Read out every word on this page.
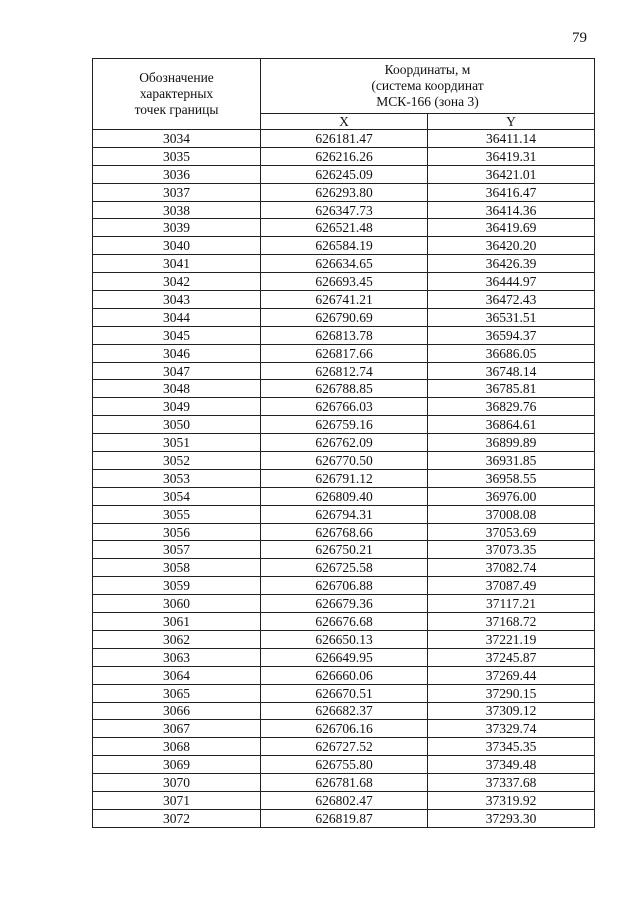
79
Обозначение
характерных
точек границы	Координаты, м
(система координат
МСК-166 (зона 3)	

	X	Y
3034	626181.47	36411.14
3035	626216.26	36419.31
3036	626245.09	36421.01
3037	626293.80	36416.47
3038	626347.73	36414.36
3039	626521.48	36419.69
3040	626584.19	36420.20
3041	626634.65	36426.39
3042	626693.45	36444.97
3043	626741.21	36472.43
3044	626790.69	36531.51
3045	626813.78	36594.37
3046	626817.66	36686.05
3047	626812.74	36748.14
3048	626788.85	36785.81
3049	626766.03	36829.76
3050	626759.16	36864.61
3051	626762.09	36899.89
3052	626770.50	36931.85
3053	626791.12	36958.55
3054	626809.40	36976.00
3055	626794.31	37008.08
3056	626768.66	37053.69
3057	626750.21	37073.35
3058	626725.58	37082.74
3059	626706.88	37087.49
3060	626679.36	37117.21
3061	626676.68	37168.72
3062	626650.13	37221.19
3063	626649.95	37245.87
3064	626660.06	37269.44
3065	626670.51	37290.15
3066	626682.37	37309.12
3067	626706.16	37329.74
3068	626727.52	37345.35
3069	626755.80	37349.48
3070	626781.68	37337.68
3071	626802.47	37319.92
3072	626819.87	37293.30
